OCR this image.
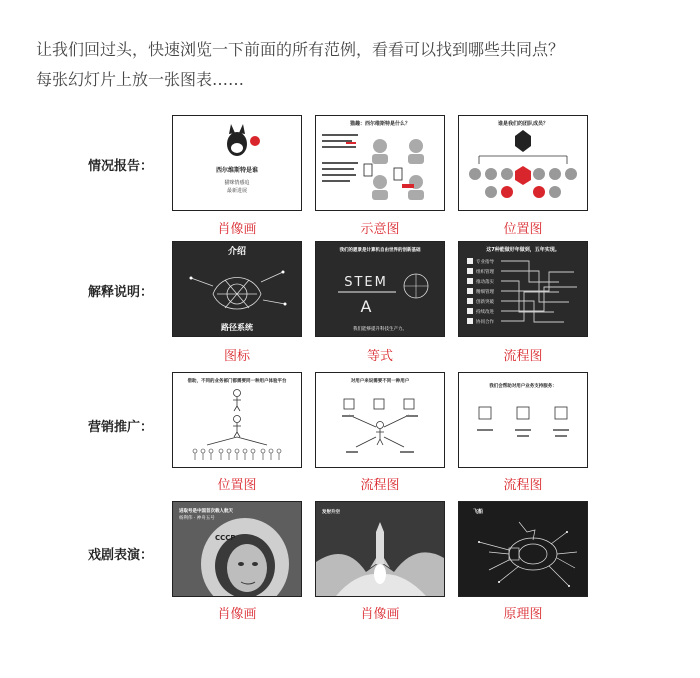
让我们回过头，快速浏览一下前面的所有范例，看看可以找到哪些共同点？

每张幻灯片上放一张图表……

情况报告：
解释说明：
营销推广：
戏剧表演：
西尔维斯特是谁
猫咪情感追
最新进展
肖像画
猫趣：西尔维斯特是什么？
示意图
谁是我们的团队成员？
位置图
介绍
路径系统
图标
我们的愿景是计算机自由世界的创新基础
STEM
A
我们能够提升科技生产力。
等式
这7种能做好年做到，五年实现。
专业指导
组织管理
推动落实
精细管理
创新突破
持续改进
协同合作
流程图
借助，不同的业务部门都需要同一种用户体验平台
位置图
对用户来说需要不同一种用户
流程图
我们会帮助对用户业务支持服务：
流程图
CCCP
进取号是中国首次载人航天
杨利伟 · 神舟五号
肖像画
发射升空
肖像画
飞船
原理图
